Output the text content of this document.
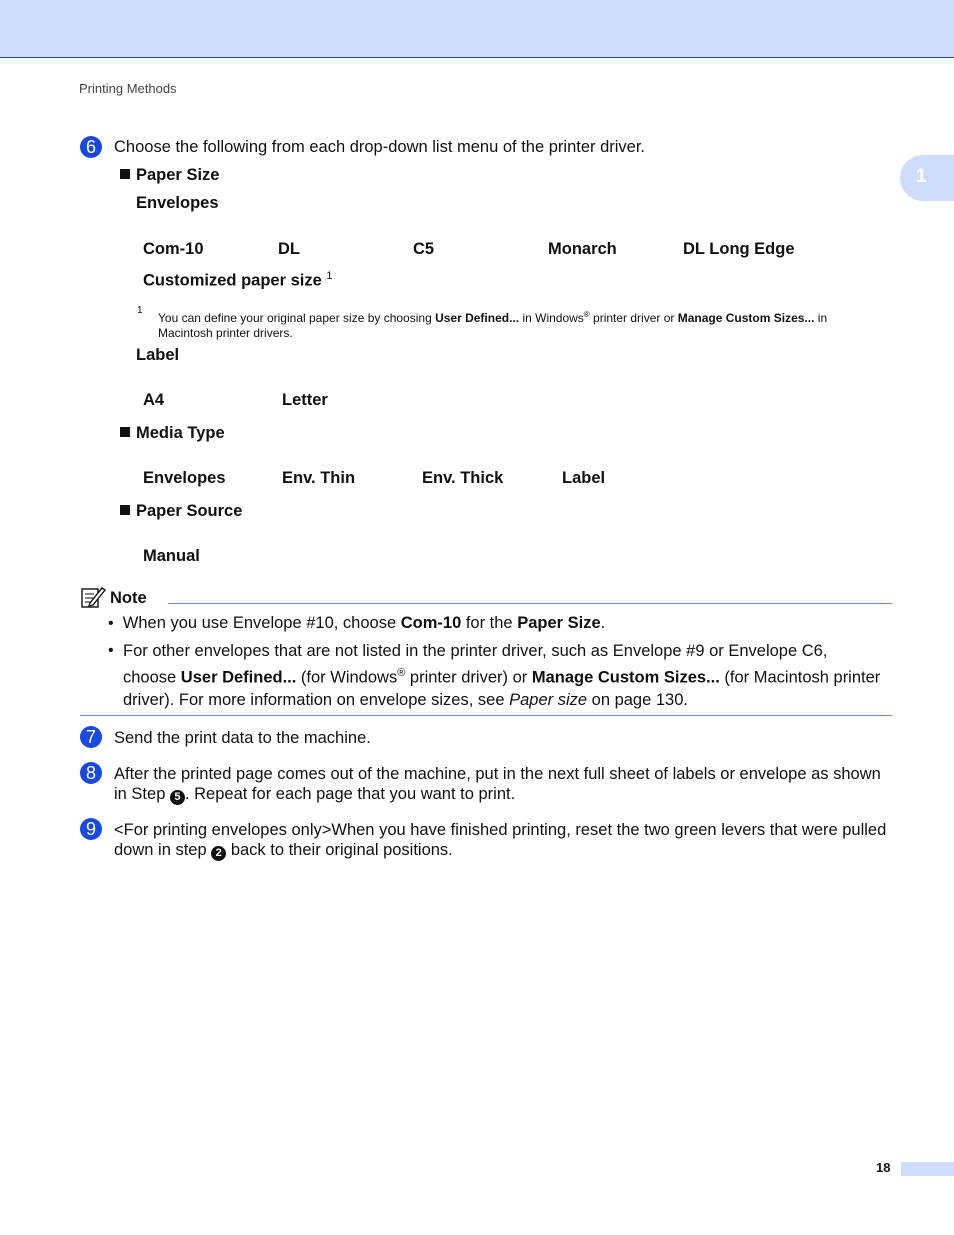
Printing Methods
1
6	Choose the following from each drop-down list menu of the printer driver.
Paper Size
Envelopes
Com-10	DL	C5	Monarch	DL Long Edge
Customized paper size $^1$
1
You can define your original paper size by choosing User Defined... in Windows® printer driver or Manage Custom Sizes... in Macintosh printer drivers.
Label
A4	Letter
Media Type
Envelopes	Env. Thin	Env. Thick	Label
Paper Source
Manual
Note
• When you use Envelope #10, choose Com-10 for the Paper Size.
• For other envelopes that are not listed in the printer driver, such as Envelope #9 or Envelope C6, choose User Defined... (for Windows® printer driver) or Manage Custom Sizes... (for Macintosh printer driver). For more information on envelope sizes, see Paper size on page 130.
7	Send the print data to the machine.
8	After the printed page comes out of the machine, put in the next full sheet of labels or envelope as shown in Step 5 . Repeat for each page that you want to print.
9	<For printing envelopes only>When you have finished printing, reset the two green levers that were pulled down in step 2 back to their original positions.
18
